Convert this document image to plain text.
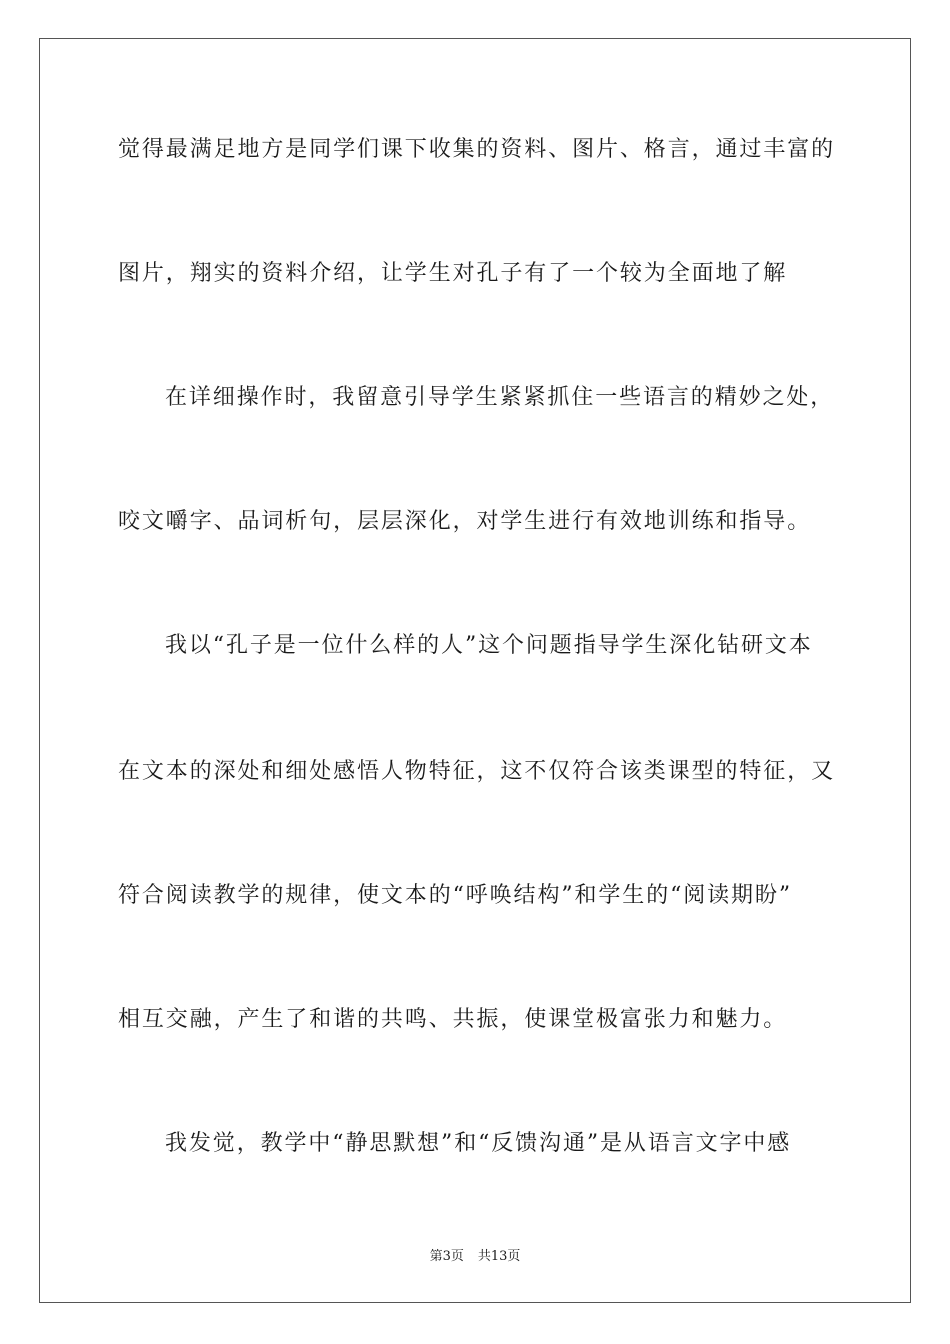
觉得最满足地方是同学们课下收集的资料、图片、格言，通过丰富的
图片，翔实的资料介绍，让学生对孔子有了一个较为全面地了解
在详细操作时，我留意引导学生紧紧抓住一些语言的精妙之处，
咬文嚼字、品词析句，层层深化，对学生进行有效地训练和指导。
我以“孔子是一位什么样的人”这个问题指导学生深化钻研文本
在文本的深处和细处感悟人物特征，这不仅符合该类课型的特征，又
符合阅读教学的规律，使文本的“呼唤结构”和学生的“阅读期盼”
相互交融，产生了和谐的共鸣、共振，使课堂极富张力和魅力。
我发觉，教学中“静思默想”和“反馈沟通”是从语言文字中感
第3页 共13页
